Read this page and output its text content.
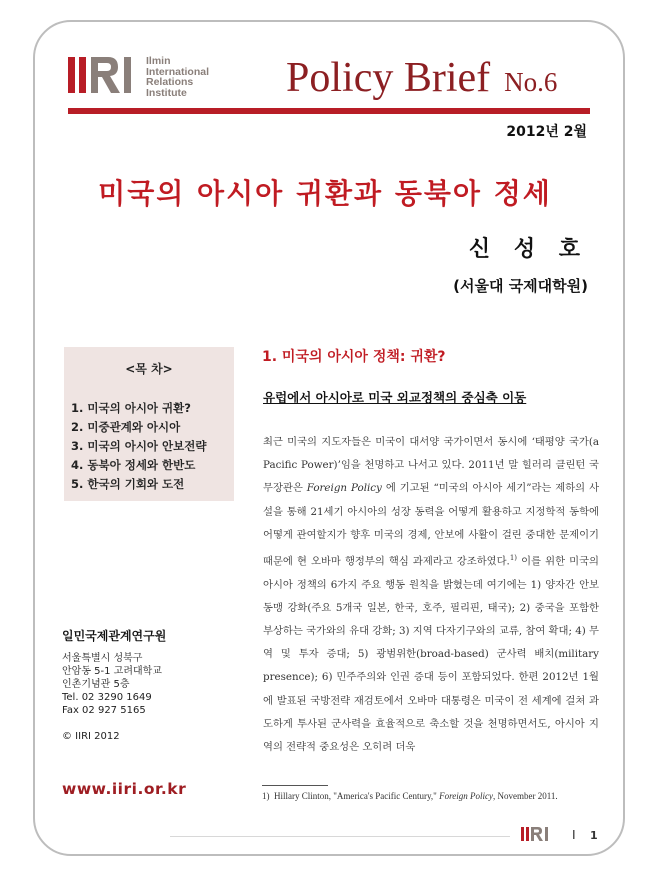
Ilmin
International
Relations
Institute	Policy Brief No.6
2012년 2월
미국의 아시아 귀환과 동북아 정세
신 성 호
(서울대 국제대학원)
<목 차>
1. 미국의 아시아 귀환?
2. 미중관계와 아시아
3. 미국의 아시아 안보전략
4. 동북아 정세와 한반도
5. 한국의 기회와 도전
일민국제관계연구원
서울특별시 성북구
안암동 5-1 고려대학교
인촌기념관 5층
Tel. 02 3290 1649
Fax 02 927 5165
© IIRI 2012
www.iiri.or.kr
1. 미국의 아시아 정책: 귀환?
유럽에서 아시아로 미국 외교정책의 중심축 이동

최근 미국의 지도자들은 미국이 대서양 국가이면서 동시에 ‘태평양 국가(a Pacific Power)’임을 천명하고 나서고 있다. 2011년 말 힐러리 클린턴 국무장관은 Foreign Policy 에 기고된 “미국의 아시아 세기”라는 제하의 사설을 통해 21세기 아시아의 성장 동력을 어떻게 활용하고 지정학적 동학에 어떻게 관여할지가 향후 미국의 경제, 안보에 사활이 걸린 중대한 문제이기 때문에 현 오바마 행정부의 핵심 과제라고 강조하였다.$^{1)}$ 이를 위한 미국의 아시아 정책의 6가지 주요 행동 원칙을 밝혔는데 여기에는 1) 양자간 안보 동맹 강화(주요 5개국 일본, 한국, 호주, 필리핀, 태국); 2) 중국을 포함한 부상하는 국가와의 유대 강화; 3) 지역 다자기구와의 교류, 참여 확대; 4) 무역 및 투자 증대; 5) 광범위한(broad-based) 군사력 배치(military presence); 6) 민주주의와 인권 증대 등이 포함되었다. 한편 2012년 1월에 발표된 국방전략 재검토에서 오바마 대통령은 미국이 전 세계에 걸쳐 과도하게 투사된 군사력을 효율적으로 축소할 것을 천명하면서도, 아시아 지역의 전략적 중요성은 오히려 더욱

1) Hillary Clinton, "America's Pacific Century," Foreign Policy, November 2011.

1
